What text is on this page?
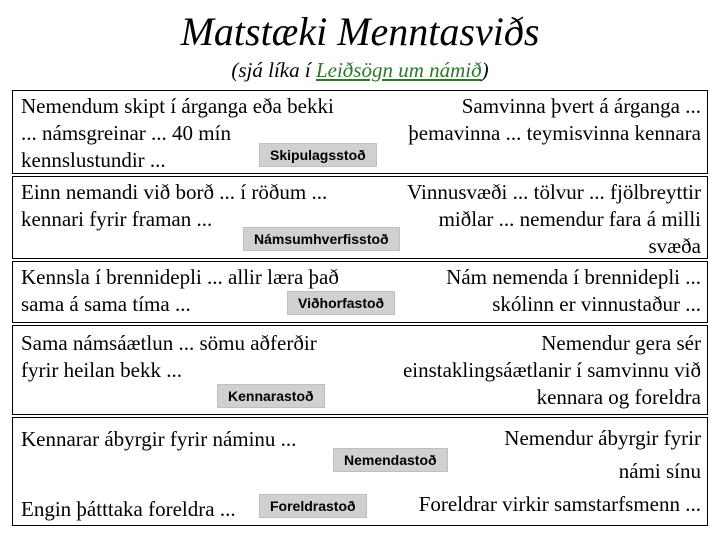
Matstæki Menntasviðs
(sjá líka í Leiðsögn um námið)
Nemendum skipt í árganga eða bekki
... námsgreinar ... 40 mín
kennslustundir ...
Samvinna þvert á árganga ...
þemavinna ... teymisvinna kennara
Skipulagsstoð
Einn nemandi við borð ... í röðum ...
kennari fyrir framan ...
Vinnusvæði ... tölvur ... fjölbreyttir
miðlar ... nemendur fara á milli
svæða
Námsumhverfisstoð
Kennsla í brennidepli ... allir læra það
sama á sama tíma ...
Nám nemenda í brennidepli ...
skólinn er vinnustaður ...
Viðhorfastoð
Sama námsáætlun ... sömu aðferðir
fyrir heilan bekk ...
Nemendur gera sér
einstaklingsáætlanir í samvinnu við
kennara og foreldra
Kennarastoð
Kennarar ábyrgir fyrir náminu ...

Engin þátttaka foreldra ...
Nemendur ábyrgir fyrir
námi sínu
Foreldrar virkir samstarfsmenn ...
Nemendastoð
Foreldrastoð
